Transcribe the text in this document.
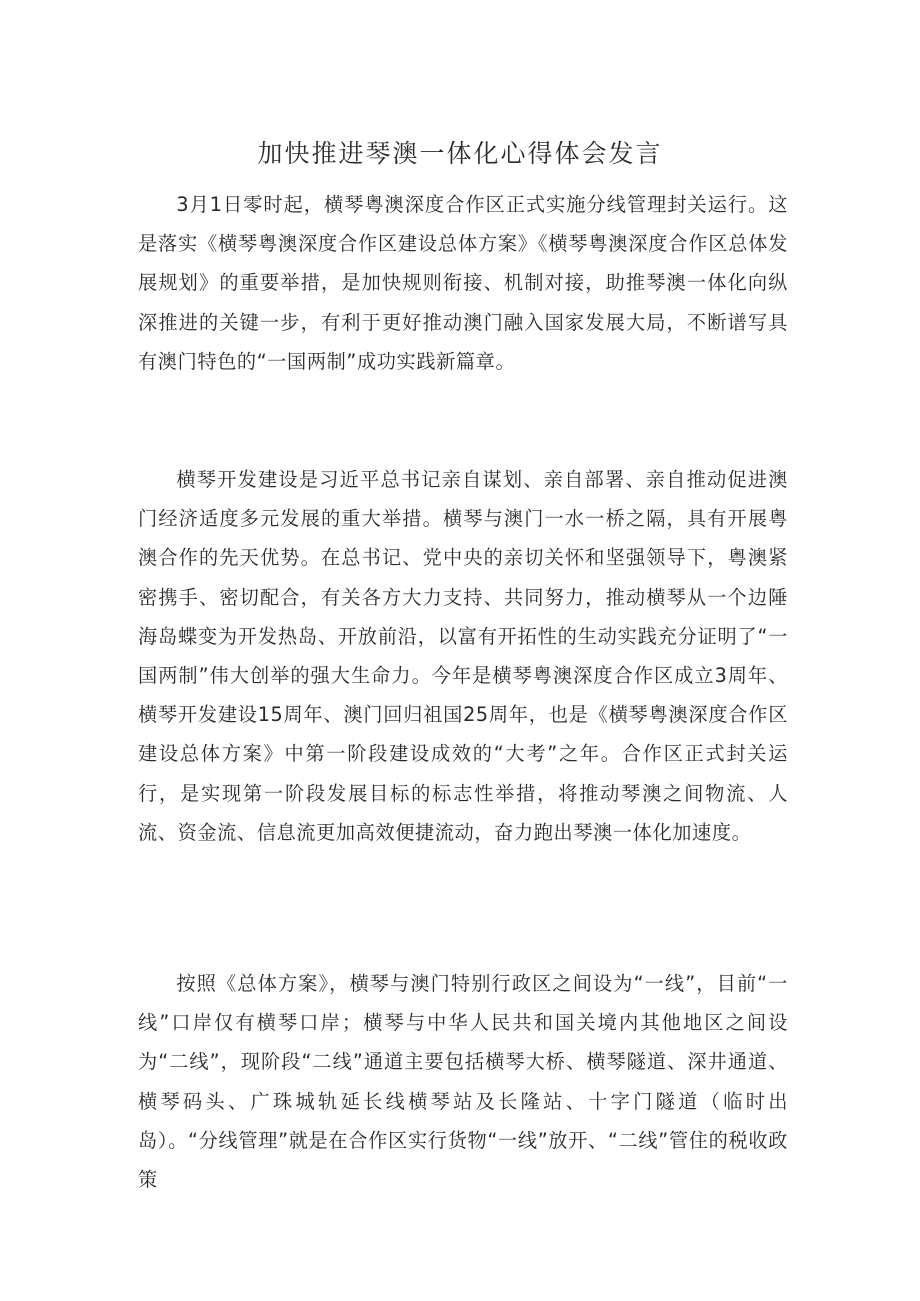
加快推进琴澳一体化心得体会发言

3月1日零时起，横琴粤澳深度合作区正式实施分线管理封关运行。这是落实《横琴粤澳深度合作区建设总体方案》《横琴粤澳深度合作区总体发展规划》的重要举措，是加快规则衔接、机制对接，助推琴澳一体化向纵深推进的关键一步，有利于更好推动澳门融入国家发展大局，不断谱写具有澳门特色的“一国两制”成功实践新篇章。

横琴开发建设是习近平总书记亲自谋划、亲自部署、亲自推动促进澳门经济适度多元发展的重大举措。横琴与澳门一水一桥之隔，具有开展粤澳合作的先天优势。在总书记、党中央的亲切关怀和坚强领导下，粤澳紧密携手、密切配合，有关各方大力支持、共同努力，推动横琴从一个边陲海岛蝶变为开发热岛、开放前沿，以富有开拓性的生动实践充分证明了“一国两制”伟大创举的强大生命力。今年是横琴粤澳深度合作区成立3周年、横琴开发建设15周年、澳门回归祖国25周年，也是《横琴粤澳深度合作区建设总体方案》中第一阶段建设成效的“大考”之年。合作区正式封关运行，是实现第一阶段发展目标的标志性举措，将推动琴澳之间物流、人流、资金流、信息流更加高效便捷流动，奋力跑出琴澳一体化加速度。

按照《总体方案》，横琴与澳门特别行政区之间设为“一线”，目前“一线”口岸仅有横琴口岸；横琴与中华人民共和国关境内其他地区之间设为“二线”，现阶段“二线”通道主要包括横琴大桥、横琴隧道、深井通道、横琴码头、广珠城轨延长线横琴站及长隆站、十字门隧道（临时出岛）。“分线管理”就是在合作区实行货物“一线”放开、“二线”管住的税收政策
